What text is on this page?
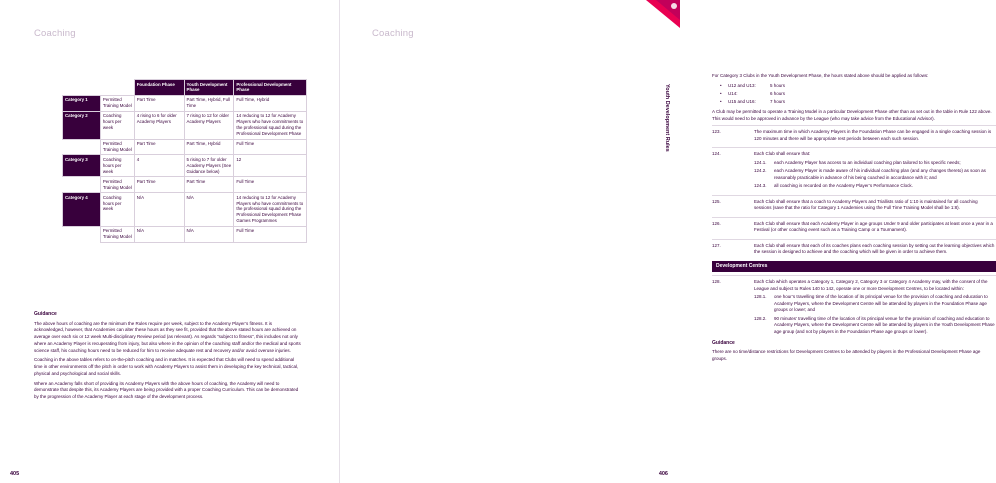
Coaching
		Foundation Phase	Youth Development Phase	Professional Development Phase
Category 1	Permitted Training Model	Part Time	Part Time, Hybrid, Full Time	Full Time, Hybrid
Category 2	Coaching hours per week	4 rising to 6 for older Academy Players	7 rising to 12 for older Academy Players	14 reducing to 12 for Academy Players who have commitments to the professional squad during the Professional Development Phase
	Permitted Training Model	Part Time	Part Time, Hybrid	Full Time
Category 3	Coaching hours per week	4	5 rising to 7 for older Academy Players (See Guidance below)	12
	Permitted Training Model	Part Time	Part Time	Full Time
Category 4	Coaching hours per week	N/A	N/A	14 reducing to 12 for Academy Players who have commitments to the professional squad during the Professional Development Phase Games Programmes
	Permitted Training Model	N/A	N/A	Full Time
Guidance

The above hours of coaching are the minimum the Rules require per week, subject to the Academy Player’s fitness. It is acknowledged, however, that Academies can alter these hours as they see fit, provided that the above stated hours are achieved on average over each six or 12 week Multi-disciplinary Review period (as relevant). As regards “subject to fitness”, this includes not only where an Academy Player is recuperating from injury, but also where in the opinion of the coaching staff and/or the medical and sports science staff, his coaching hours need to be reduced for him to receive adequate rest and recovery and/or avoid overuse injuries.

Coaching in the above tables refers to on-the-pitch coaching and in matches. It is expected that Clubs will need to spend additional time in other environments off the pitch in order to work with Academy Players to assist them in developing the key technical, tactical, physical and psychological and social skills.

Where an Academy falls short of providing its Academy Players with the above hours of coaching, the Academy will need to demonstrate that despite this, its Academy Players are being provided with a proper Coaching Curriculum. This can be demonstrated by the progression of the Academy Player at each stage of the development process.

405
Coaching
Youth Development Rules

For Category 3 Clubs in the Youth Development Phase, the hours stated above should be applied as follows:

•	U12 and U13:	5 hours
•	U14:	6 hours
•	U15 and U16:	7 hours

A Club may be permitted to operate a Training Model in a particular Development Phase other than as set out in the table in Rule 122 above. This would need to be approved in advance by the League (who may take advice from the Educational Advisor).

123.	The maximum time in which Academy Players in the Foundation Phase can be engaged in a single coaching session is 120 minutes and there will be appropriate rest periods between each such session.
124.	Each Club shall ensure that:
124.1.	each Academy Player has access to an individual coaching plan tailored to his specific needs;
124.2.	each Academy Player is made aware of his individual coaching plan (and any changes thereto) as soon as reasonably practicable in advance of his being coached in accordance with it; and
124.3.	all coaching is recorded on the Academy Player’s Performance Clock.
125.	Each Club shall ensure that a coach to Academy Players and Triallists ratio of 1:10 is maintained for all coaching sessions (save that the ratio for Category 1 Academies using the Full Time Training Model shall be 1:8).
126.	Each Club shall ensure that each Academy Player in age groups Under 9 and older participates at least once a year in a Festival (or other coaching event such as a Training Camp or a Tournament).
127.	Each Club shall ensure that each of its coaches plans each coaching session by setting out the learning objectives which the session is designed to achieve and the coaching which will be given in order to achieve them.
Development Centres
128.	Each Club which operates a Category 1, Category 2, Category 3 or Category 4 Academy may, with the consent of the League and subject to Rules 140 to 142, operate one or more Development Centres, to be located within:
128.1.	one hour’s travelling time of the location of its principal venue for the provision of coaching and education to Academy Players, where the Development Centre will be attended by players in the Foundation Phase age groups or lower; and
128.2.	90 minutes’ travelling time of the location of its principal venue for the provision of coaching and education to Academy Players, where the Development Centre will be attended by players in the Youth Development Phase age group (and not by players in the Foundation Phase age groups or lower).
Guidance

There are no time/distance restrictions for Development Centres to be attended by players in the Professional Development Phase age groups.

406
